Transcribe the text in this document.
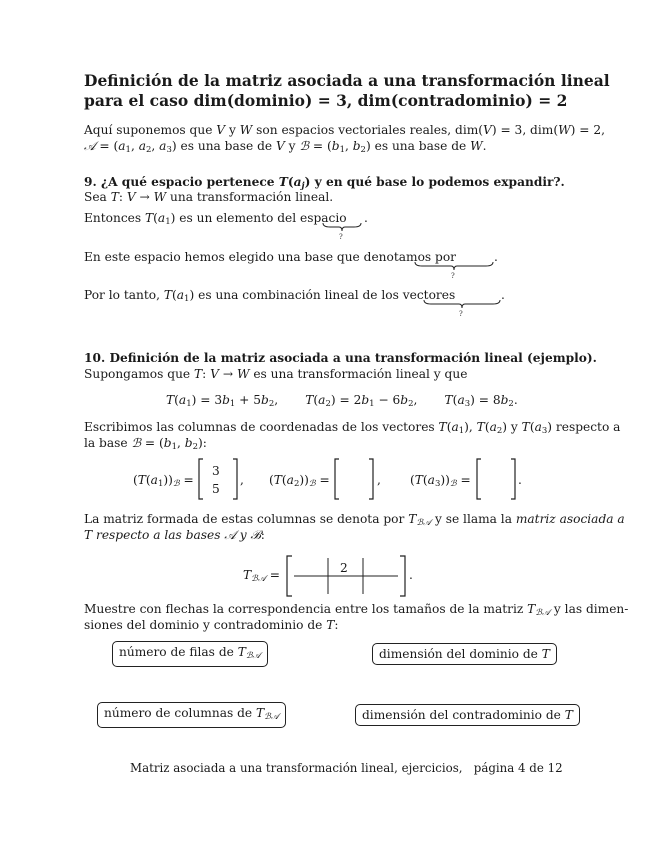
Definición de la matriz asociada a una transformación lineal
para el caso dim(dominio) = 3, dim(contradominio) = 2
Aquí suponemos que V y W son espacios vectoriales reales, dim(V) = 3, dim(W) = 2,
𝒜 = ($a_1$, $a_2$, $a_3$) es una base de V y ℬ = ($b_1$, $b_2$) es una base de W.
9. ¿A qué espacio pertenece T(aj) y en qué base lo podemos expandir?.
Sea T: V → W una transformación lineal.
Entonces $T(a_1)$ es un elemento del espacio
?
.
En este espacio hemos elegido una base que denotamos por
?
.
Por lo tanto, $T(a_1)$ es una combinación lineal de los vectores
?
.
10. Definición de la matriz asociada a una transformación lineal (ejemplo).
Supongamos que T: V → W es una transformación lineal y que
$T(a_1) = 3b_1 + 5b_2$,       $T(a_2) = 2b_1 - 6b_2$,       $T(a_3) = 8b_2$.
Escribimos las columnas de coordenadas de los vectores $T(a_1)$, $T(a_2)$ y $T(a_3)$ respecto a
la base ℬ = ($b_1$, $b_2$):
$(T(a_1))ℬ$ =
3
5
, $(T(a_2))ℬ$ =	, $(T(a_3))ℬ$ =	.
La matriz formada de estas columnas se denota por Tℬ𝒜 y se llama la matriz asociada a
T respecto a las bases 𝒜 y ℬ:
Tℬ𝒜 =	2	.
Muestre con flechas la correspondencia entre los tamaños de la matriz Tℬ𝒜 y las dimen-
siones del dominio y contradominio de T:
número de filas de Tℬ𝒜	dimensión del dominio de T
número de columnas de Tℬ𝒜	dimensión del contradominio de T
Matriz asociada a una transformación lineal, ejercicios, página 4 de 12
